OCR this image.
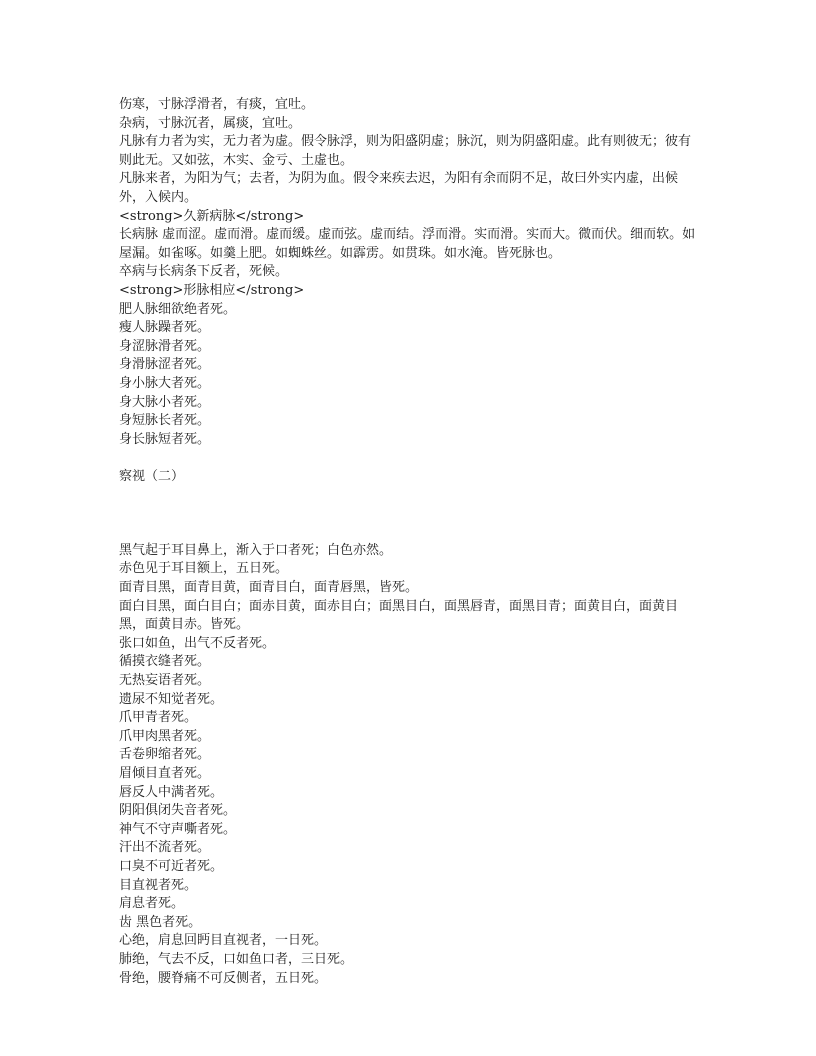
伤寒，寸脉浮滑者，有痰，宜吐。

杂病，寸脉沉者，属痰，宜吐。

凡脉有力者为实，无力者为虚。假令脉浮，则为阳盛阴虚；脉沉，则为阴盛阳虚。此有则彼无；彼有则此无。又如弦，木实、金亏、土虚也。

凡脉来者，为阳为气；去者，为阴为血。假令来疾去迟，为阳有余而阴不足，故曰外实内虚，出候外，入候内。

<strong>久新病脉</strong>

长病脉 虚而涩。虚而滑。虚而缓。虚而弦。虚而结。浮而滑。实而滑。实而大。微而伏。细而软。如屋漏。如雀啄。如羹上肥。如蜘蛛丝。如霹雳。如贯珠。如水淹。皆死脉也。

卒病与长病条下反者，死候。

<strong>形脉相应</strong>

肥人脉细欲绝者死。

瘦人脉躁者死。

身涩脉滑者死。

身滑脉涩者死。

身小脉大者死。

身大脉小者死。

身短脉长者死。

身长脉短者死。

察视（二）

黑气起于耳目鼻上，渐入于口者死；白色亦然。

赤色见于耳目额上，五日死。

面青目黑，面青目黄，面青目白，面青唇黑，皆死。

面白目黑，面白目白；面赤目黄，面赤目白；面黑目白，面黑唇青，面黑目青；面黄目白，面黄目黑，面黄目赤。皆死。

张口如鱼，出气不反者死。

循摸衣缝者死。

无热妄语者死。

遗尿不知觉者死。

爪甲青者死。

爪甲肉黑者死。

舌卷卵缩者死。

眉倾目直者死。

唇反人中满者死。

阴阳俱闭失音者死。

神气不守声嘶者死。

汗出不流者死。

口臭不可近者死。

目直视者死。

肩息者死。

齿 黑色者死。

心绝，肩息回眄目直视者，一日死。

肺绝，气去不反，口如鱼口者，三日死。

骨绝，腰脊痛不可反侧者，五日死。
